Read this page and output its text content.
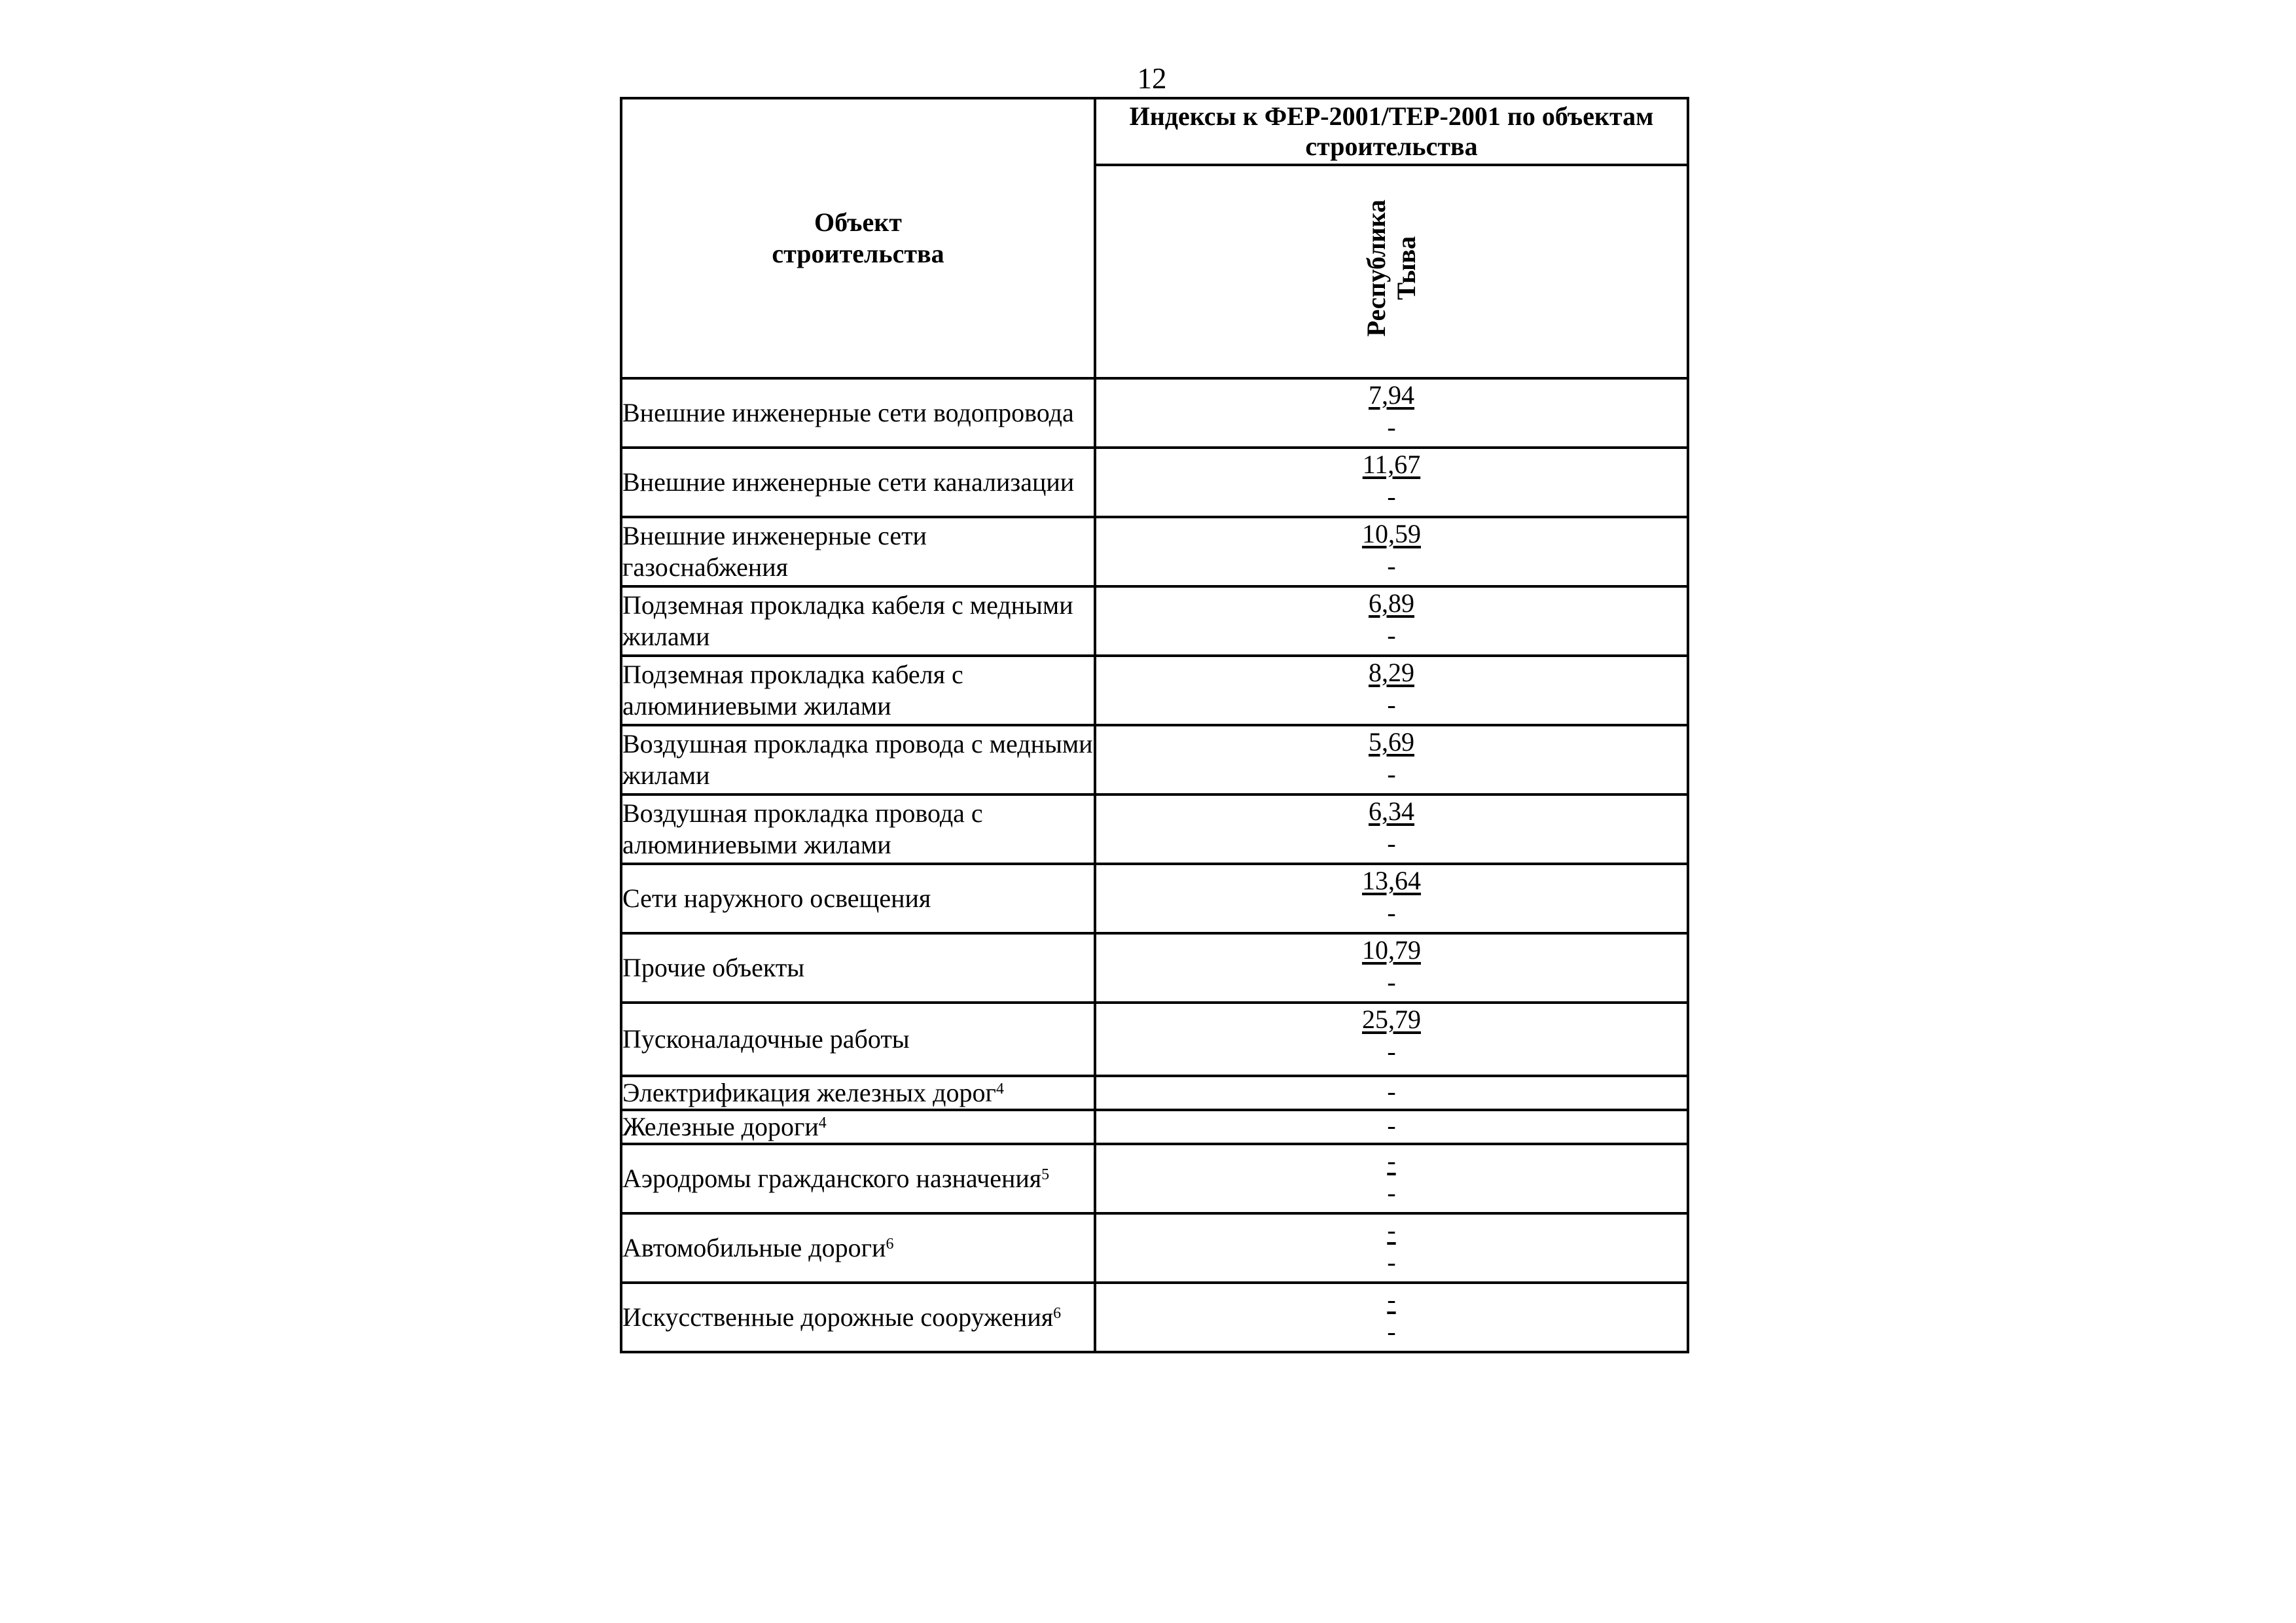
12
Объект
строительства	Индексы к ФЕР-2001/ТЕР-2001 по объектам строительства
	Республика
Тыва
Внешние инженерные сети водопровода	7,94
-

Внешние инженерные сети канализации	11,67
-

Внешние инженерные сети газоснабжения	10,59
-

Подземная прокладка кабеля с медными жилами	6,89
-

Подземная прокладка кабеля с алюминиевыми жилами	8,29
-

Воздушная прокладка провода с медными жилами	5,69
-

Воздушная прокладка провода с алюминиевыми жилами	6,34
-

Сети наружного освещения	13,64
-

Прочие объекты	10,79
-

Пусконаладочные работы	25,79
-

Электрификация железных дорог$^4$	-

Железные дороги$^4$	-

Аэродромы гражданского назначения$^5$	-
-

Автомобильные дороги$^6$	-
-

Искусственные дорожные сооружения$^6$	-
-
